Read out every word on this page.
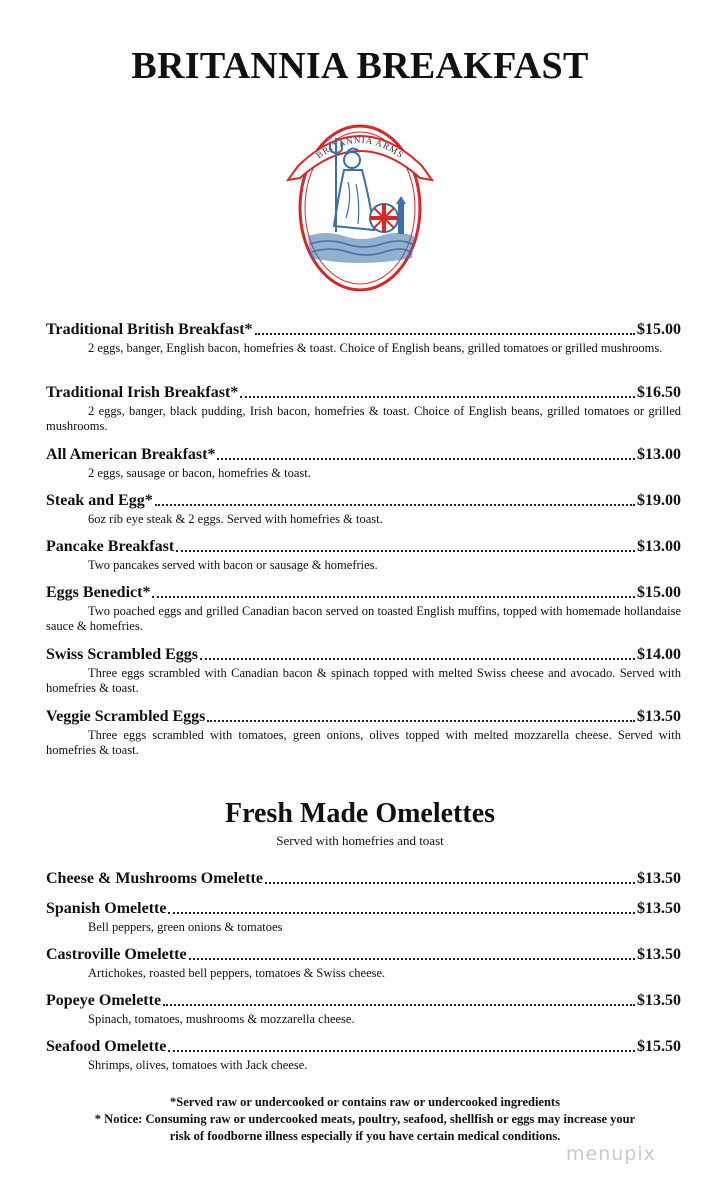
BRITANNIA BREAKFAST
BRITANNIA ARMS
Traditional British Breakfast*	$15.00
2 eggs, banger, English bacon, homefries & toast. Choice of English beans, grilled tomatoes or grilled mushrooms.
Traditional Irish Breakfast*	$16.50
2 eggs, banger, black pudding, Irish bacon, homefries & toast. Choice of English beans, grilled tomatoes or grilled mushrooms.
All American Breakfast*	$13.00
2 eggs, sausage or bacon, homefries & toast.
Steak and Egg*	$19.00
6oz rib eye steak & 2 eggs. Served with homefries & toast.
Pancake Breakfast	$13.00
Two pancakes served with bacon or sausage & homefries.
Eggs Benedict*	$15.00
Two poached eggs and grilled Canadian bacon served on toasted English muffins, topped with homemade hollandaise sauce & homefries.
Swiss Scrambled Eggs	$14.00
Three eggs scrambled with Canadian bacon & spinach topped with melted Swiss cheese and avocado. Served with homefries & toast.
Veggie Scrambled Eggs	$13.50
Three eggs scrambled with tomatoes, green onions, olives topped with melted mozzarella cheese. Served with homefries & toast.
Fresh Made Omelettes
Served with homefries and toast
Cheese & Mushrooms Omelette	$13.50
Spanish Omelette	$13.50
Bell peppers, green onions & tomatoes
Castroville Omelette	$13.50
Artichokes, roasted bell peppers, tomatoes & Swiss cheese.
Popeye Omelette	$13.50
Spinach, tomatoes, mushrooms & mozzarella cheese.
Seafood Omelette	$15.50
Shrimps, olives, tomatoes with Jack cheese.
*Served raw or undercooked or contains raw or undercooked ingredients
* Notice: Consuming raw or undercooked meats, poultry, seafood, shellfish or eggs may increase your
risk of foodborne illness especially if you have certain medical conditions.
menupix
